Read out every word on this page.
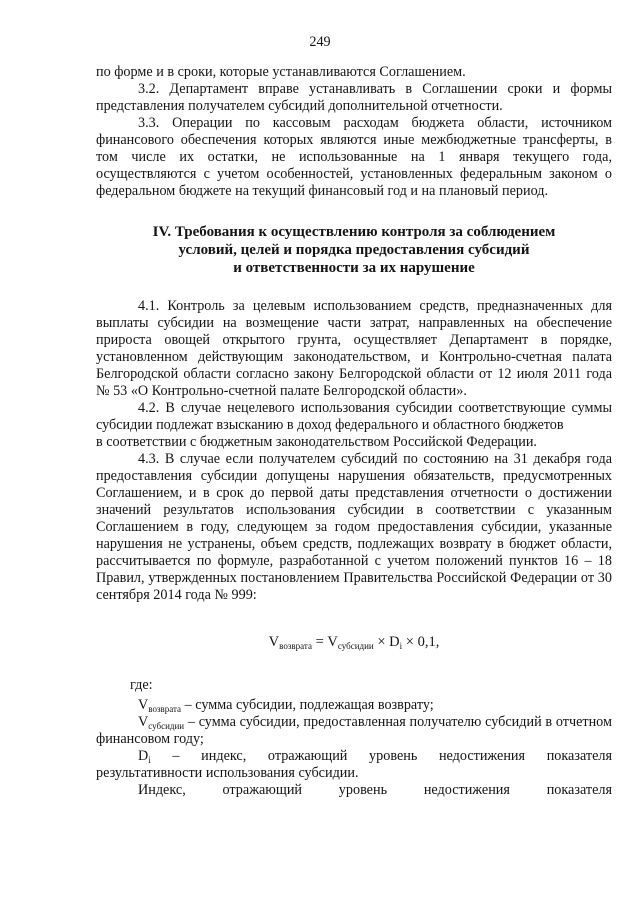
249

по форме и в сроки, которые устанавливаются Соглашением.

3.2. Департамент вправе устанавливать в Соглашении сроки и формы представления получателем субсидий дополнительной отчетности.

3.3. Операции по кассовым расходам бюджета области, источником финансового обеспечения которых являются иные межбюджетные трансферты, в том числе их остатки, не использованные на 1 января текущего года, осуществляются с учетом особенностей, установленных федеральным законом о федеральном бюджете на текущий финансовый год и на плановый период.

IV. Требования к осуществлению контроля за соблюдением
условий, целей и порядка предоставления субсидий
и ответственности за их нарушение

4.1. Контроль за целевым использованием средств, предназначенных для выплаты субсидии на возмещение части затрат, направленных на обеспечение прироста овощей открытого грунта, осуществляет Департамент в порядке, установленном действующим законодательством, и Контрольно-счетная палата Белгородской области согласно закону Белгородской области от 12 июля 2011 года № 53 «О Контрольно-счетной палате Белгородской области».

4.2. В случае нецелевого использования субсидии соответствующие суммы субсидии подлежат взысканию в доход федерального и областного бюджетов

в соответствии с бюджетным законодательством Российской Федерации.

4.3. В случае если получателем субсидий по состоянию на 31 декабря года предоставления субсидии допущены нарушения обязательств, предусмотренных Соглашением, и в срок до первой даты представления отчетности о достижении значений результатов использования субсидии в соответствии с указанным Соглашением в году, следующем за годом предоставления субсидии, указанные нарушения не устранены, объем средств, подлежащих возврату в бюджет области, рассчитывается по формуле, разработанной с учетом положений пунктов 16 – 18 Правил, утвержденных постановлением Правительства Российской Федерации от 30 сентября 2014 года № 999:

$V_{возврата} = V_{субсидии} \times D_i \times 0,1$,

где:

$V_{возврата}$ – сумма субсидии, подлежащая возврату;

$V_{субсидии}$ – сумма субсидии, предоставленная получателю субсидий в отчетном финансовом году;

$D_i$ – индекс, отражающий уровень недостижения показателя результативности использования субсидии.

Индекс, отражающий уровень недостижения показателя
